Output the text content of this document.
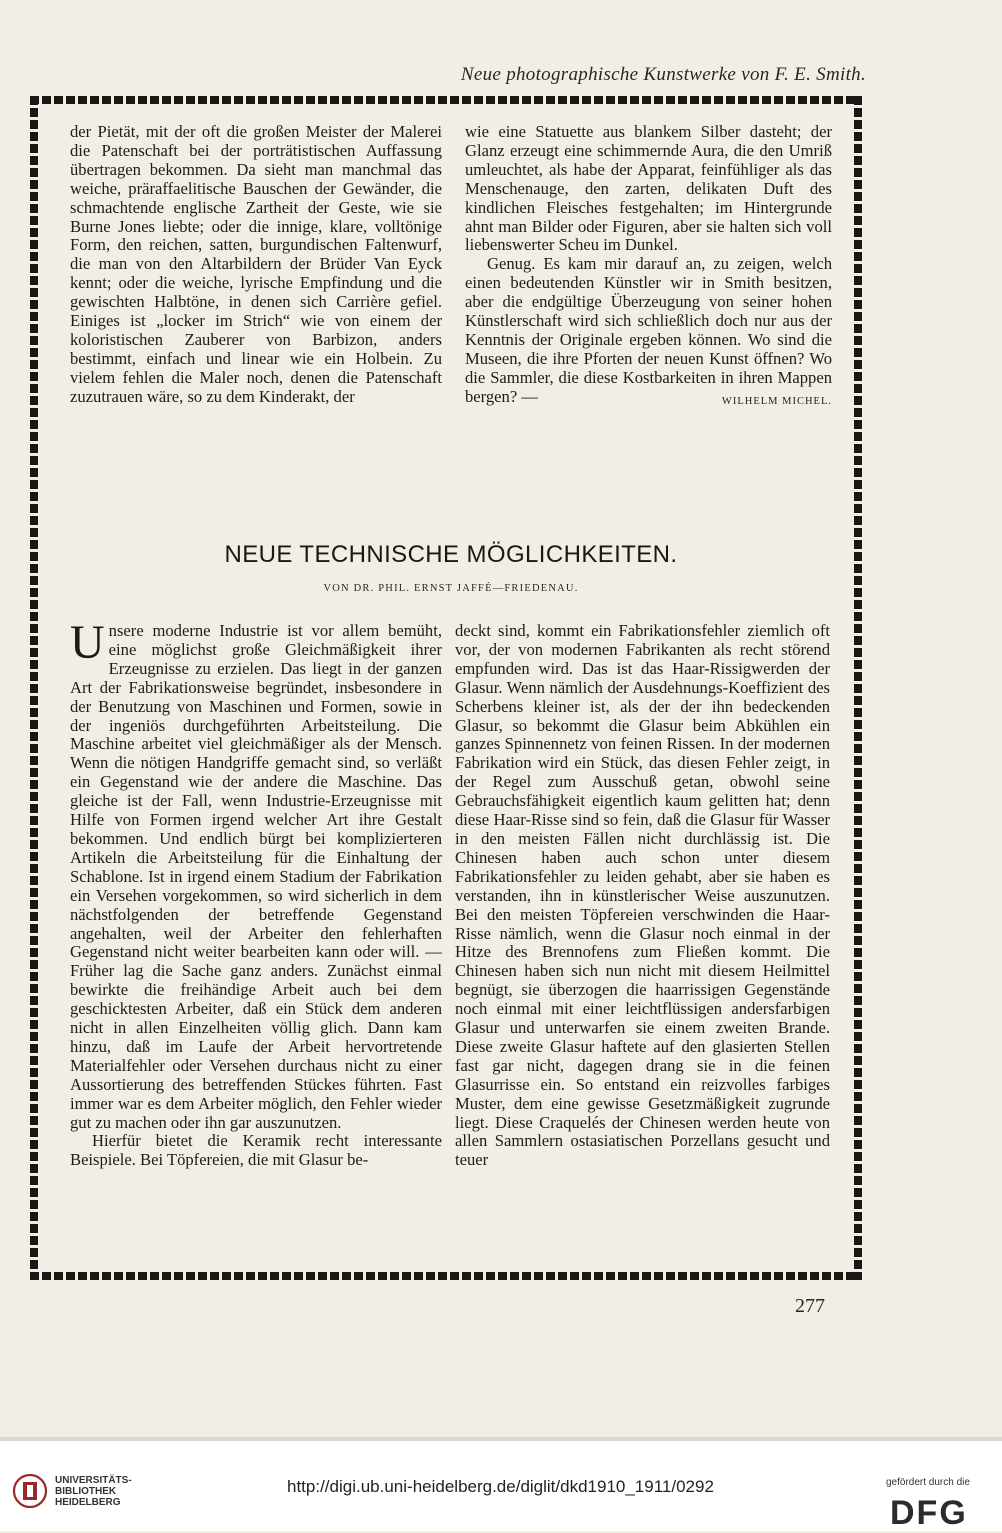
Neue photographische Kunstwerke von F. E. Smith.

der Pietät, mit der oft die großen Meister der Malerei die Patenschaft bei der porträtistischen Auffassung übertragen bekommen. Da sieht man manchmal das weiche, präraffaelitische Bauschen der Gewänder, die schmachtende englische Zartheit der Geste, wie sie Burne Jones liebte; oder die innige, klare, volltönige Form, den reichen, satten, burgundischen Faltenwurf, die man von den Altarbildern der Brüder Van Eyck kennt; oder die weiche, lyrische Empfindung und die gewischten Halbtöne, in denen sich Carrière gefiel. Einiges ist „locker im Strich“ wie von einem der koloristischen Zauberer von Barbizon, anders bestimmt, einfach und linear wie ein Holbein. Zu vielem fehlen die Maler noch, denen die Patenschaft zuzutrauen wäre, so zu dem Kinderakt, der

wie eine Statuette aus blankem Silber dasteht; der Glanz erzeugt eine schimmernde Aura, die den Umriß umleuchtet, als habe der Apparat, feinfühliger als das Menschenauge, den zarten, delikaten Duft des kindlichen Fleisches festgehalten; im Hintergrunde ahnt man Bilder oder Figuren, aber sie halten sich voll liebenswerter Scheu im Dunkel.

Genug. Es kam mir darauf an, zu zeigen, welch einen bedeutenden Künstler wir in Smith besitzen, aber die endgültige Überzeugung von seiner hohen Künstlerschaft wird sich schließlich doch nur aus der Kenntnis der Originale ergeben können. Wo sind die Museen, die ihre Pforten der neuen Kunst öffnen? Wo die Sammler, die diese Kostbarkeiten in ihren Mappen bergen? —	WILHELM MICHEL.

NEUE TECHNISCHE MÖGLICHKEITEN.
VON DR. PHIL. ERNST JAFFÉ—FRIEDENAU.

Unsere moderne Industrie ist vor allem bemüht, eine möglichst große Gleichmäßigkeit ihrer Erzeugnisse zu erzielen. Das liegt in der ganzen Art der Fabrikationsweise begründet, insbesondere in der Benutzung von Maschinen und Formen, sowie in der ingeniös durchgeführten Arbeitsteilung. Die Maschine arbeitet viel gleichmäßiger als der Mensch. Wenn die nötigen Handgriffe gemacht sind, so verläßt ein Gegenstand wie der andere die Maschine. Das gleiche ist der Fall, wenn Industrie-Erzeugnisse mit Hilfe von Formen irgend welcher Art ihre Gestalt bekommen. Und endlich bürgt bei komplizierteren Artikeln die Arbeitsteilung für die Einhaltung der Schablone. Ist in irgend einem Stadium der Fabrikation ein Versehen vorgekommen, so wird sicherlich in dem nächstfolgenden der betreffende Gegenstand angehalten, weil der Arbeiter den fehlerhaften Gegenstand nicht weiter bearbeiten kann oder will. — Früher lag die Sache ganz anders. Zunächst einmal bewirkte die freihändige Arbeit auch bei dem geschicktesten Arbeiter, daß ein Stück dem anderen nicht in allen Einzelheiten völlig glich. Dann kam hinzu, daß im Laufe der Arbeit hervortretende Materialfehler oder Versehen durchaus nicht zu einer Aussortierung des betreffenden Stückes führten. Fast immer war es dem Arbeiter möglich, den Fehler wieder gut zu machen oder ihn gar auszunutzen.

Hierfür bietet die Keramik recht interessante Beispiele. Bei Töpfereien, die mit Glasur be-

deckt sind, kommt ein Fabrikationsfehler ziemlich oft vor, der von modernen Fabrikanten als recht störend empfunden wird. Das ist das Haar-Rissigwerden der Glasur. Wenn nämlich der Ausdehnungs-Koeffizient des Scherbens kleiner ist, als der der ihn bedeckenden Glasur, so bekommt die Glasur beim Abkühlen ein ganzes Spinnennetz von feinen Rissen. In der modernen Fabrikation wird ein Stück, das diesen Fehler zeigt, in der Regel zum Ausschuß getan, obwohl seine Gebrauchsfähigkeit eigentlich kaum gelitten hat; denn diese Haar-Risse sind so fein, daß die Glasur für Wasser in den meisten Fällen nicht durchlässig ist. Die Chinesen haben auch schon unter diesem Fabrikationsfehler zu leiden gehabt, aber sie haben es verstanden, ihn in künstlerischer Weise auszunutzen. Bei den meisten Töpfereien verschwinden die Haar-Risse nämlich, wenn die Glasur noch einmal in der Hitze des Brennofens zum Fließen kommt. Die Chinesen haben sich nun nicht mit diesem Heilmittel begnügt, sie überzogen die haarrissigen Gegenstände noch einmal mit einer leichtflüssigen andersfarbigen Glasur und unterwarfen sie einem zweiten Brande. Diese zweite Glasur haftete auf den glasierten Stellen fast gar nicht, dagegen drang sie in die feinen Glasurrisse ein. So entstand ein reizvolles farbiges Muster, dem eine gewisse Gesetzmäßigkeit zugrunde liegt. Diese Craquelés der Chinesen werden heute von allen Sammlern ostasiatischen Porzellans gesucht und teuer

277
UNIVERSITÄTS-
BIBLIOTHEK
HEIDELBERG
http://digi.ub.uni-heidelberg.de/diglit/dkd1910_1911/0292	gefördert durch die
DFG
